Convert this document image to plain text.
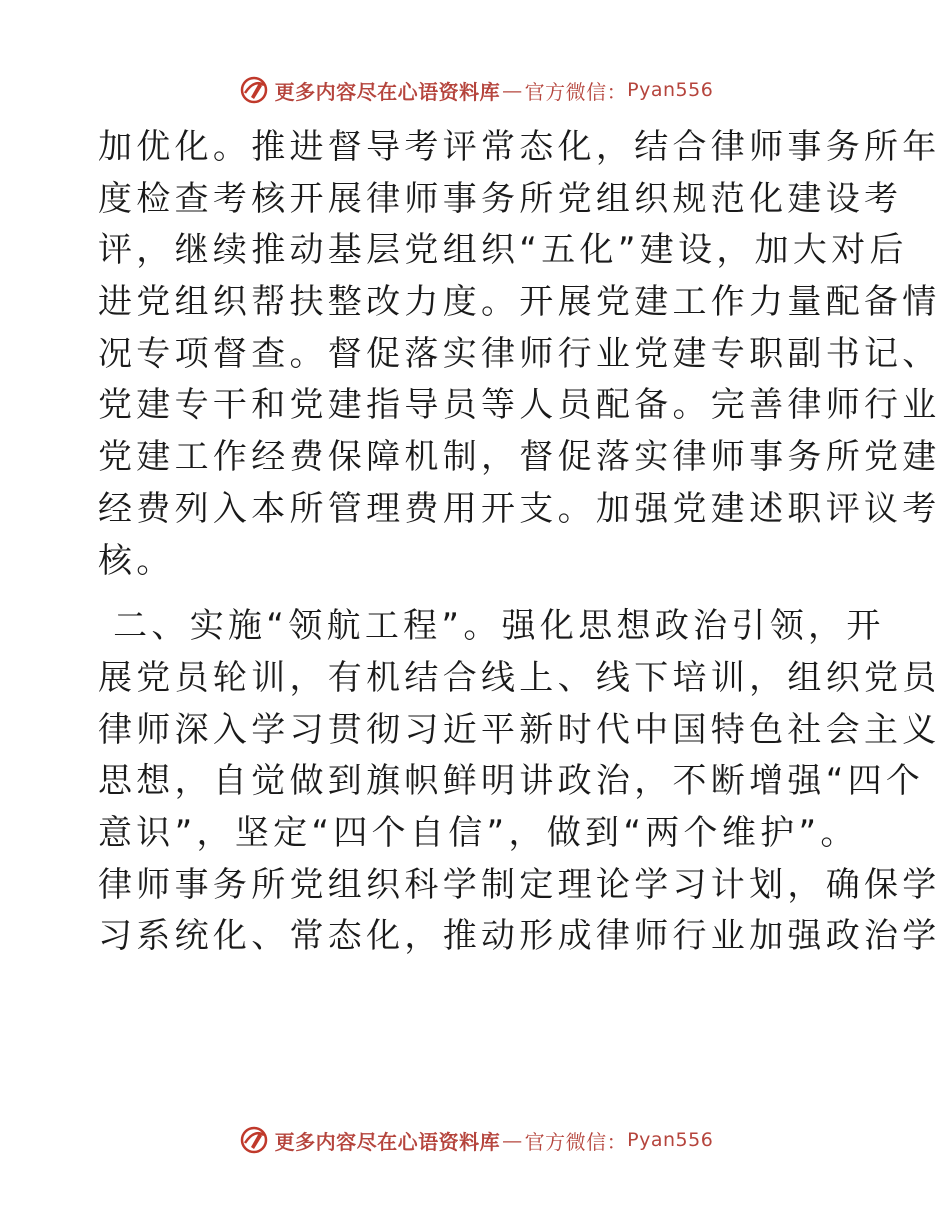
更多内容尽在心语资料库 — 官方微信： Pyan556
加优化。推进督导考评常态化，结合律师事务所年
度检查考核开展律师事务所党组织规范化建设考
评，继续推动基层党组织“五化”建设，加大对后
进党组织帮扶整改力度。开展党建工作力量配备情
况专项督查。督促落实律师行业党建专职副书记、
党建专干和党建指导员等人员配备。完善律师行业
党建工作经费保障机制，督促落实律师事务所党建
经费列入本所管理费用开支。加强党建述职评议考
核。
二、实施“领航工程”。强化思想政治引领，开
展党员轮训，有机结合线上、线下培训，组织党员
律师深入学习贯彻习近平新时代中国特色社会主义
思想，自觉做到旗帜鲜明讲政治，不断增强“四个
意识”，坚定“四个自信”，做到“两个维护”。
律师事务所党组织科学制定理论学习计划，确保学
习系统化、常态化，推动形成律师行业加强政治学
更多内容尽在心语资料库 — 官方微信： Pyan556
